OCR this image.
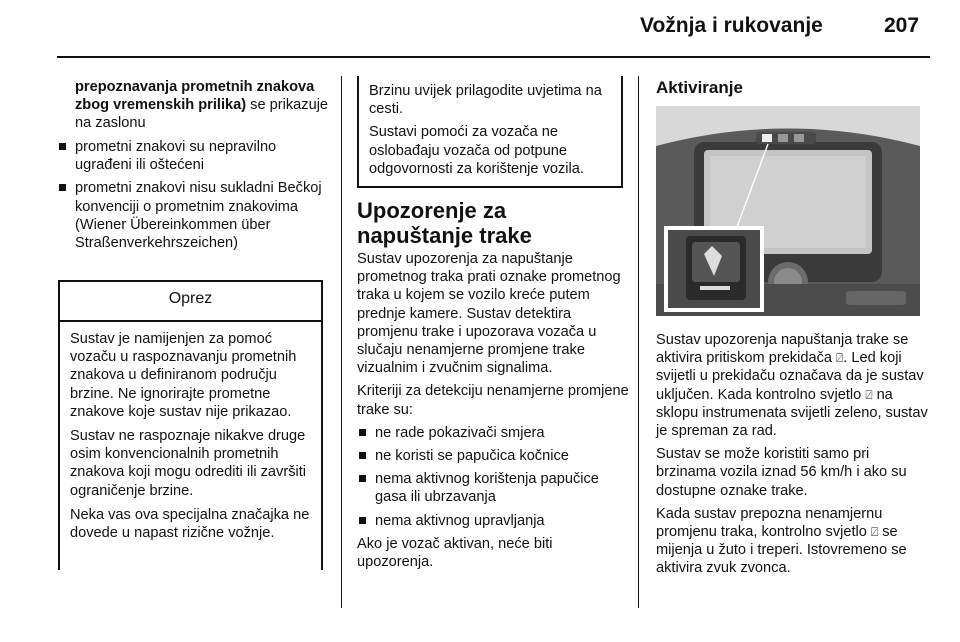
Vožnja i rukovanje	207

prepoznavanja prometnih znakova zbog vremenskih prilika) se prikazuje na zaslonu

prometni znakovi su nepravilno ugrađeni ili oštećeni
prometni znakovi nisu sukladni Bečkoj konvenciji o prometnim znakovima (Wiener Übereinkommen über Straßenverkehrszeichen)
Oprez

Sustav je namijenjen za pomoć vozaču u raspoznavanju prometnih znakova u definiranom području brzine. Ne ignorirajte prometne znakove koje sustav nije prikazao.

Sustav ne raspoznaje nikakve druge osim konvencionalnih prometnih znakova koji mogu odrediti ili završiti ograničenje brzine.

Neka vas ova specijalna značajka ne dovede u napast rizične vožnje.

Brzinu uvijek prilagodite uvjetima na cesti.

Sustavi pomoći za vozača ne oslobađaju vozača od potpune odgovornosti za korištenje vozila.

Upozorenje za napuštanje trake

Sustav upozorenja za napuštanje prometnog traka prati oznake prometnog traka u kojem se vozilo kreće putem prednje kamere. Sustav detektira promjenu trake i upozorava vozača u slučaju nenamjerne promjene trake vizualnim i zvučnim signalima.

Kriteriji za detekciju nenamjerne promjene trake su:

ne rade pokazivači smjera
ne koristi se papučica kočnice
nema aktivnog korištenja papučice gasa ili ubrzavanja
nema aktivnog upravljanja

Ako je vozač aktivan, neće biti upozorenja.

Aktiviranje

Sustav upozorenja napuštanja trake se aktivira pritiskom prekidača ⍁. Led koji svijetli u prekidaču označava da je sustav uključen. Kada kontrolno svjetlo ⍁ na sklopu instrumenata svijetli zeleno, sustav je spreman za rad.

Sustav se može koristiti samo pri brzinama vozila iznad 56 km/h i ako su dostupne oznake trake.

Kada sustav prepozna nenamjernu promjenu traka, kontrolno svjetlo ⍁ se mijenja u žuto i treperi. Istovremeno se aktivira zvuk zvonca.
